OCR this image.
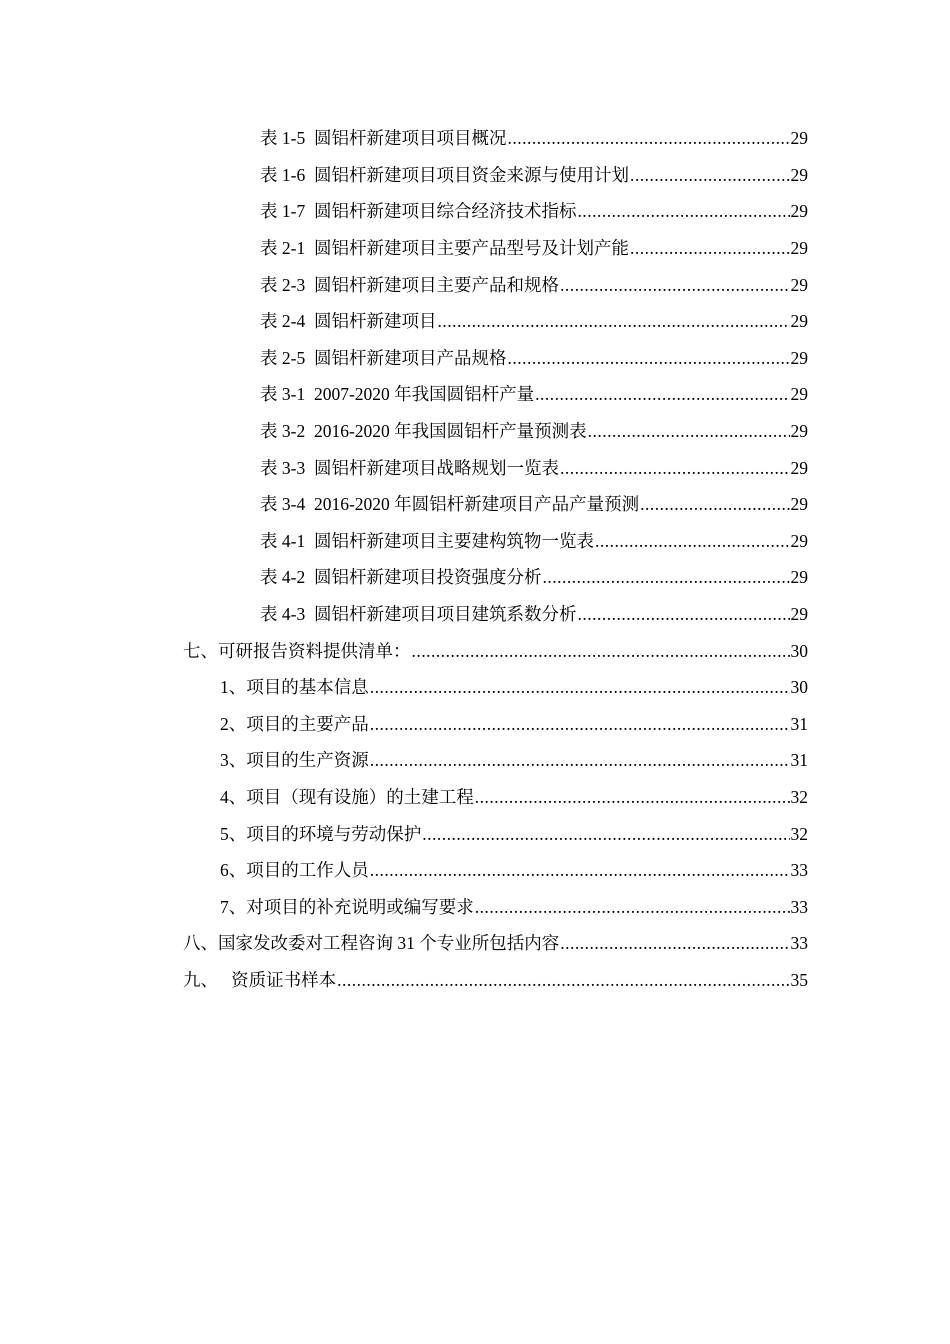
表 1-5  圆铝杆新建项目项目概况 .....	29
表 1-6  圆铝杆新建项目项目资金来源与使用计划 .....	29
表 1-7  圆铝杆新建项目综合经济技术指标 .....	29
表 2-1  圆铝杆新建项目主要产品型号及计划产能 .....	29
表 2-3  圆铝杆新建项目主要产品和规格 .....	29
表 2-4  圆铝杆新建项目 .....	29
表 2-5  圆铝杆新建项目产品规格 .....	29
表 3-1  2007-2020 年我国圆铝杆产量 .....	29
表 3-2  2016-2020 年我国圆铝杆产量预测表 .....	29
表 3-3  圆铝杆新建项目战略规划一览表 .....	29
表 3-4  2016-2020 年圆铝杆新建项目产品产量预测 .....	29
表 4-1  圆铝杆新建项目主要建构筑物一览表 .....	29
表 4-2  圆铝杆新建项目投资强度分析 .....	29
表 4-3  圆铝杆新建项目项目建筑系数分析 .....	29
七、可研报告资料提供清单： .....	30
1、项目的基本信息 .....	30
2、项目的主要产品 .....	31
3、项目的生产资源 .....	31
4、项目（现有设施）的土建工程 .....	32
5、项目的环境与劳动保护 .....	32
6、项目的工作人员 .....	33
7、对项目的补充说明或编写要求 .....	33
八、国家发改委对工程咨询 31 个专业所包括内容 .....	33
九、   资质证书样本 .....	35
